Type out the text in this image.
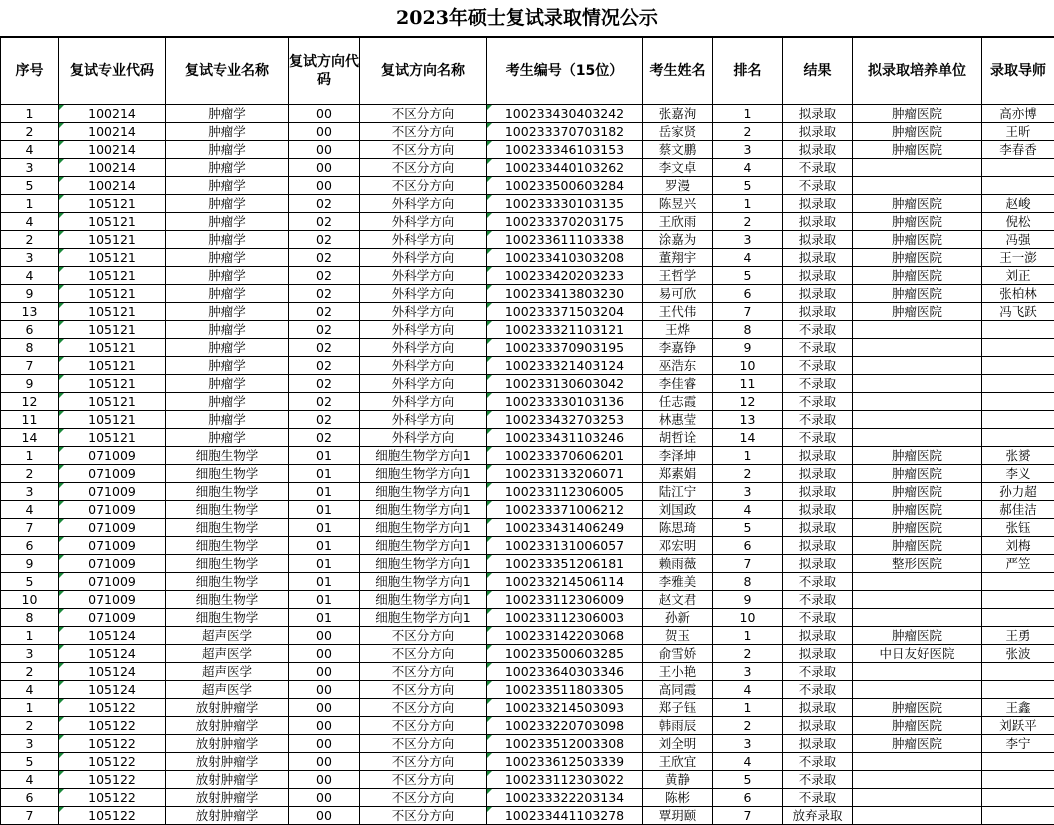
2023年硕士复试录取情况公示
序号	复试专业代码	复试专业名称	复试方向代码	复试方向名称	考生编号（15位）	考生姓名	排名	结果	拟录取培养单位	录取导师
1	100214	肿瘤学	00	不区分方向	100233430403242	张嘉洵	1	拟录取	肿瘤医院	高亦博
2	100214	肿瘤学	00	不区分方向	100233370703182	岳家贤	2	拟录取	肿瘤医院	王昕
4	100214	肿瘤学	00	不区分方向	100233346103153	蔡文鹏	3	拟录取	肿瘤医院	李春香
3	100214	肿瘤学	00	不区分方向	100233440103262	李文卓	4	不录取		
5	100214	肿瘤学	00	不区分方向	100233500603284	罗漫	5	不录取		
1	105121	肿瘤学	02	外科学方向	100233330103135	陈昱兴	1	拟录取	肿瘤医院	赵峻
4	105121	肿瘤学	02	外科学方向	100233370203175	王欣雨	2	拟录取	肿瘤医院	倪松
2	105121	肿瘤学	02	外科学方向	100233611103338	涂嘉为	3	拟录取	肿瘤医院	冯强
3	105121	肿瘤学	02	外科学方向	100233410303208	董翔宇	4	拟录取	肿瘤医院	王一澎
4	105121	肿瘤学	02	外科学方向	100233420203233	王哲学	5	拟录取	肿瘤医院	刘正
9	105121	肿瘤学	02	外科学方向	100233413803230	易可欣	6	拟录取	肿瘤医院	张柏林
13	105121	肿瘤学	02	外科学方向	100233371503204	王代伟	7	拟录取	肿瘤医院	冯飞跃
6	105121	肿瘤学	02	外科学方向	100233321103121	王烨	8	不录取		
8	105121	肿瘤学	02	外科学方向	100233370903195	李嘉铮	9	不录取		
7	105121	肿瘤学	02	外科学方向	100233321403124	巫浩东	10	不录取		
9	105121	肿瘤学	02	外科学方向	100233130603042	李佳睿	11	不录取		
12	105121	肿瘤学	02	外科学方向	100233330103136	任志霞	12	不录取		
11	105121	肿瘤学	02	外科学方向	100233432703253	林惠莹	13	不录取		
14	105121	肿瘤学	02	外科学方向	100233431103246	胡哲诠	14	不录取		
1	071009	细胞生物学	01	细胞生物学方向1	100233370606201	李泽坤	1	拟录取	肿瘤医院	张赟
2	071009	细胞生物学	01	细胞生物学方向1	100233133206071	郑素娟	2	拟录取	肿瘤医院	李义
3	071009	细胞生物学	01	细胞生物学方向1	100233112306005	陆江宁	3	拟录取	肿瘤医院	孙力超
4	071009	细胞生物学	01	细胞生物学方向1	100233371006212	刘国政	4	拟录取	肿瘤医院	郝佳洁
7	071009	细胞生物学	01	细胞生物学方向1	100233431406249	陈思琦	5	拟录取	肿瘤医院	张钰
6	071009	细胞生物学	01	细胞生物学方向1	100233131006057	邓宏明	6	拟录取	肿瘤医院	刘梅
9	071009	细胞生物学	01	细胞生物学方向1	100233351206181	赖雨薇	7	拟录取	整形医院	严笠
5	071009	细胞生物学	01	细胞生物学方向1	100233214506114	李雅美	8	不录取		
10	071009	细胞生物学	01	细胞生物学方向1	100233112306009	赵文君	9	不录取		
8	071009	细胞生物学	01	细胞生物学方向1	100233112306003	孙新	10	不录取		
1	105124	超声医学	00	不区分方向	100233142203068	贺玉	1	拟录取	肿瘤医院	王勇
3	105124	超声医学	00	不区分方向	100233500603285	俞雪娇	2	拟录取	中日友好医院	张波
2	105124	超声医学	00	不区分方向	100233640303346	王小艳	3	不录取		
4	105124	超声医学	00	不区分方向	100233511803305	高同霞	4	不录取		
1	105122	放射肿瘤学	00	不区分方向	100233214503093	郑子钰	1	拟录取	肿瘤医院	王鑫
2	105122	放射肿瘤学	00	不区分方向	100233220703098	韩雨辰	2	拟录取	肿瘤医院	刘跃平
3	105122	放射肿瘤学	00	不区分方向	100233512003308	刘全明	3	拟录取	肿瘤医院	李宁
5	105122	放射肿瘤学	00	不区分方向	100233612503339	王欣宜	4	不录取		
4	105122	放射肿瘤学	00	不区分方向	100233112303022	黄静	5	不录取		
6	105122	放射肿瘤学	00	不区分方向	100233322203134	陈彬	6	不录取		
7	105122	放射肿瘤学	00	不区分方向	100233441103278	覃玥颐	7	放弃录取		
